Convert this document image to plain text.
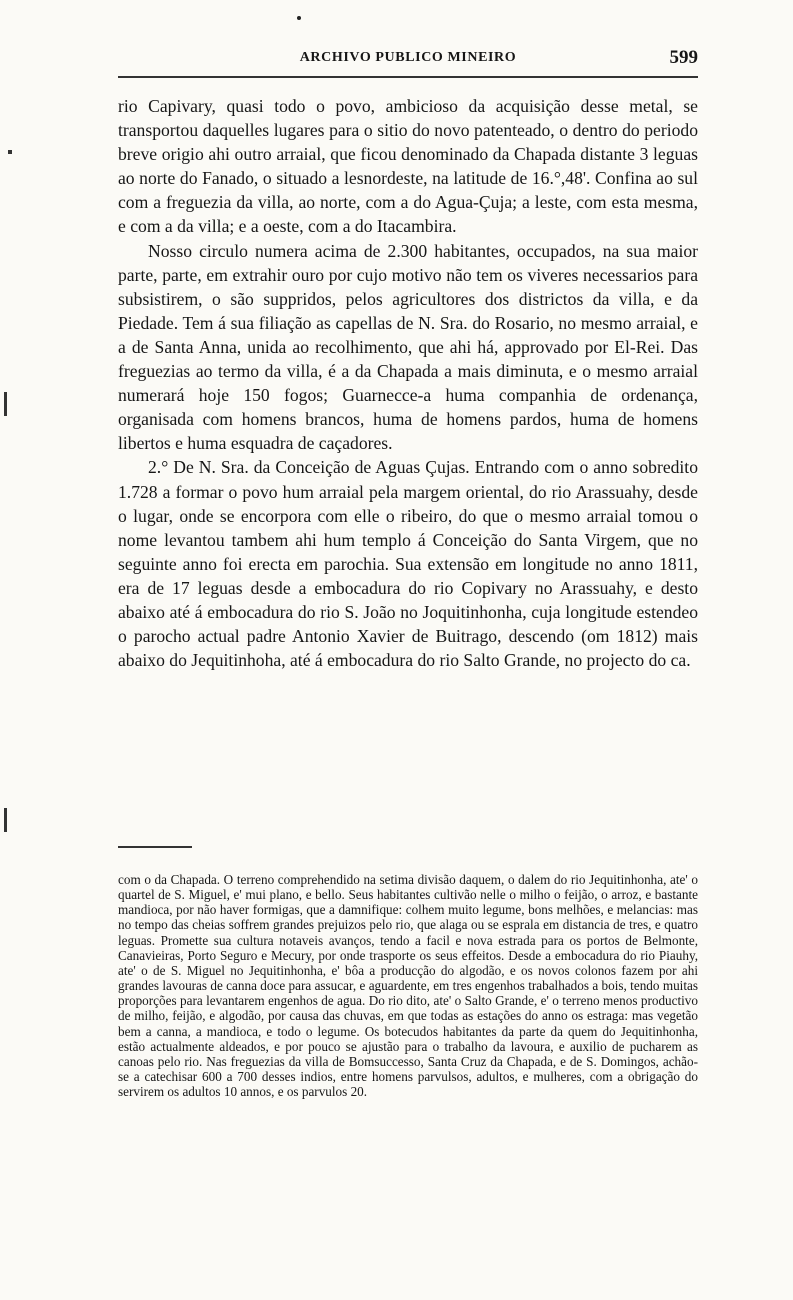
ARCHIVO PUBLICO MINEIRO	599

rio Capivary, quasi todo o povo, ambicioso da acquisição desse metal, se transportou daquelles lugares para o sitio do novo patenteado, o dentro do periodo breve origio ahi outro arraial, que ficou denominado da Chapada distante 3 leguas ao norte do Fanado, o situado a lesnordeste, na latitude de 16.°,48'. Confina ao sul com a freguezia da villa, ao norte, com a do Agua-Çuja; a leste, com esta mesma, e com a da villa; e a oeste, com a do Itacambira.

Nosso circulo numera acima de 2.300 habitantes, occupados, na sua maior parte, parte, em extrahir ouro por cujo motivo não tem os viveres necessarios para subsistirem, o são suppridos, pelos agricultores dos districtos da villa, e da Piedade. Tem á sua filiação as capellas de N. Sra. do Rosario, no mesmo arraial, e a de Santa Anna, unida ao recolhimento, que ahi há, approvado por El-Rei. Das freguezias ao termo da villa, é a da Chapada a mais diminuta, e o mesmo arraial numerará hoje 150 fogos; Guarnecce-a huma companhia de ordenança, organisada com homens brancos, huma de homens pardos, huma de homens libertos e huma esquadra de caçadores.

2.° De N. Sra. da Conceição de Aguas Çujas. Entrando com o anno sobredito 1.728 a formar o povo hum arraial pela margem oriental, do rio Arassuahy, desde o lugar, onde se encorpora com elle o ribeiro, do que o mesmo arraial tomou o nome levantou tambem ahi hum templo á Conceição do Santa Virgem, que no seguinte anno foi erecta em parochia. Sua extensão em longitude no anno 1811, era de 17 leguas desde a embocadura do rio Copivary no Arassuahy, e desto abaixo até á embocadura do rio S. João no Joquitinhonha, cuja longitude estendeo o parocho actual padre Antonio Xavier de Buitrago, descendo (om 1812) mais abaixo do Jequitinhoha, até á embocadura do rio Salto Grande, no projecto do ca.

com o da Chapada. O terreno comprehendido na setima divisão daquem, o dalem do rio Jequitinhonha, ate' o quartel de S. Miguel, e' mui plano, e bello. Seus habitantes cultivão nelle o milho o feijão, o arroz, e bastante mandioca, por não haver formigas, que a damnifique: colhem muito legume, bons melhões, e melancias: mas no tempo das cheias soffrem grandes prejuizos pelo rio, que alaga ou se esprala em distancia de tres, e quatro leguas. Promette sua cultura notaveis avanços, tendo a facil e nova estrada para os portos de Belmonte, Canavieiras, Porto Seguro e Mecury, por onde trasporte os seus effeitos. Desde a embocadura do rio Piauhy, ate' o de S. Miguel no Jequitinhonha, e' bôa a producção do algodão, e os novos colonos fazem por ahi grandes lavouras de canna doce para assucar, e aguardente, em tres engenhos trabalhados a bois, tendo muitas proporções para levantarem engenhos de agua. Do rio dito, ate' o Salto Grande, e' o terreno menos productivo de milho, feijão, e algodão, por causa das chuvas, em que todas as estações do anno os estraga: mas vegetão bem a canna, a mandioca, e todo o legume. Os botecudos habitantes da parte da quem do Jequitinhonha, estão actualmente aldeados, e por pouco se ajustão para o trabalho da lavoura, e auxilio de pucharem as canoas pelo rio. Nas freguezias da villa de Bomsuccesso, Santa Cruz da Chapada, e de S. Domingos, achão-se a catechisar 600 a 700 desses indios, entre homens parvulsos, adultos, e mulheres, com a obrigação do servirem os adultos 10 annos, e os parvulos 20.
